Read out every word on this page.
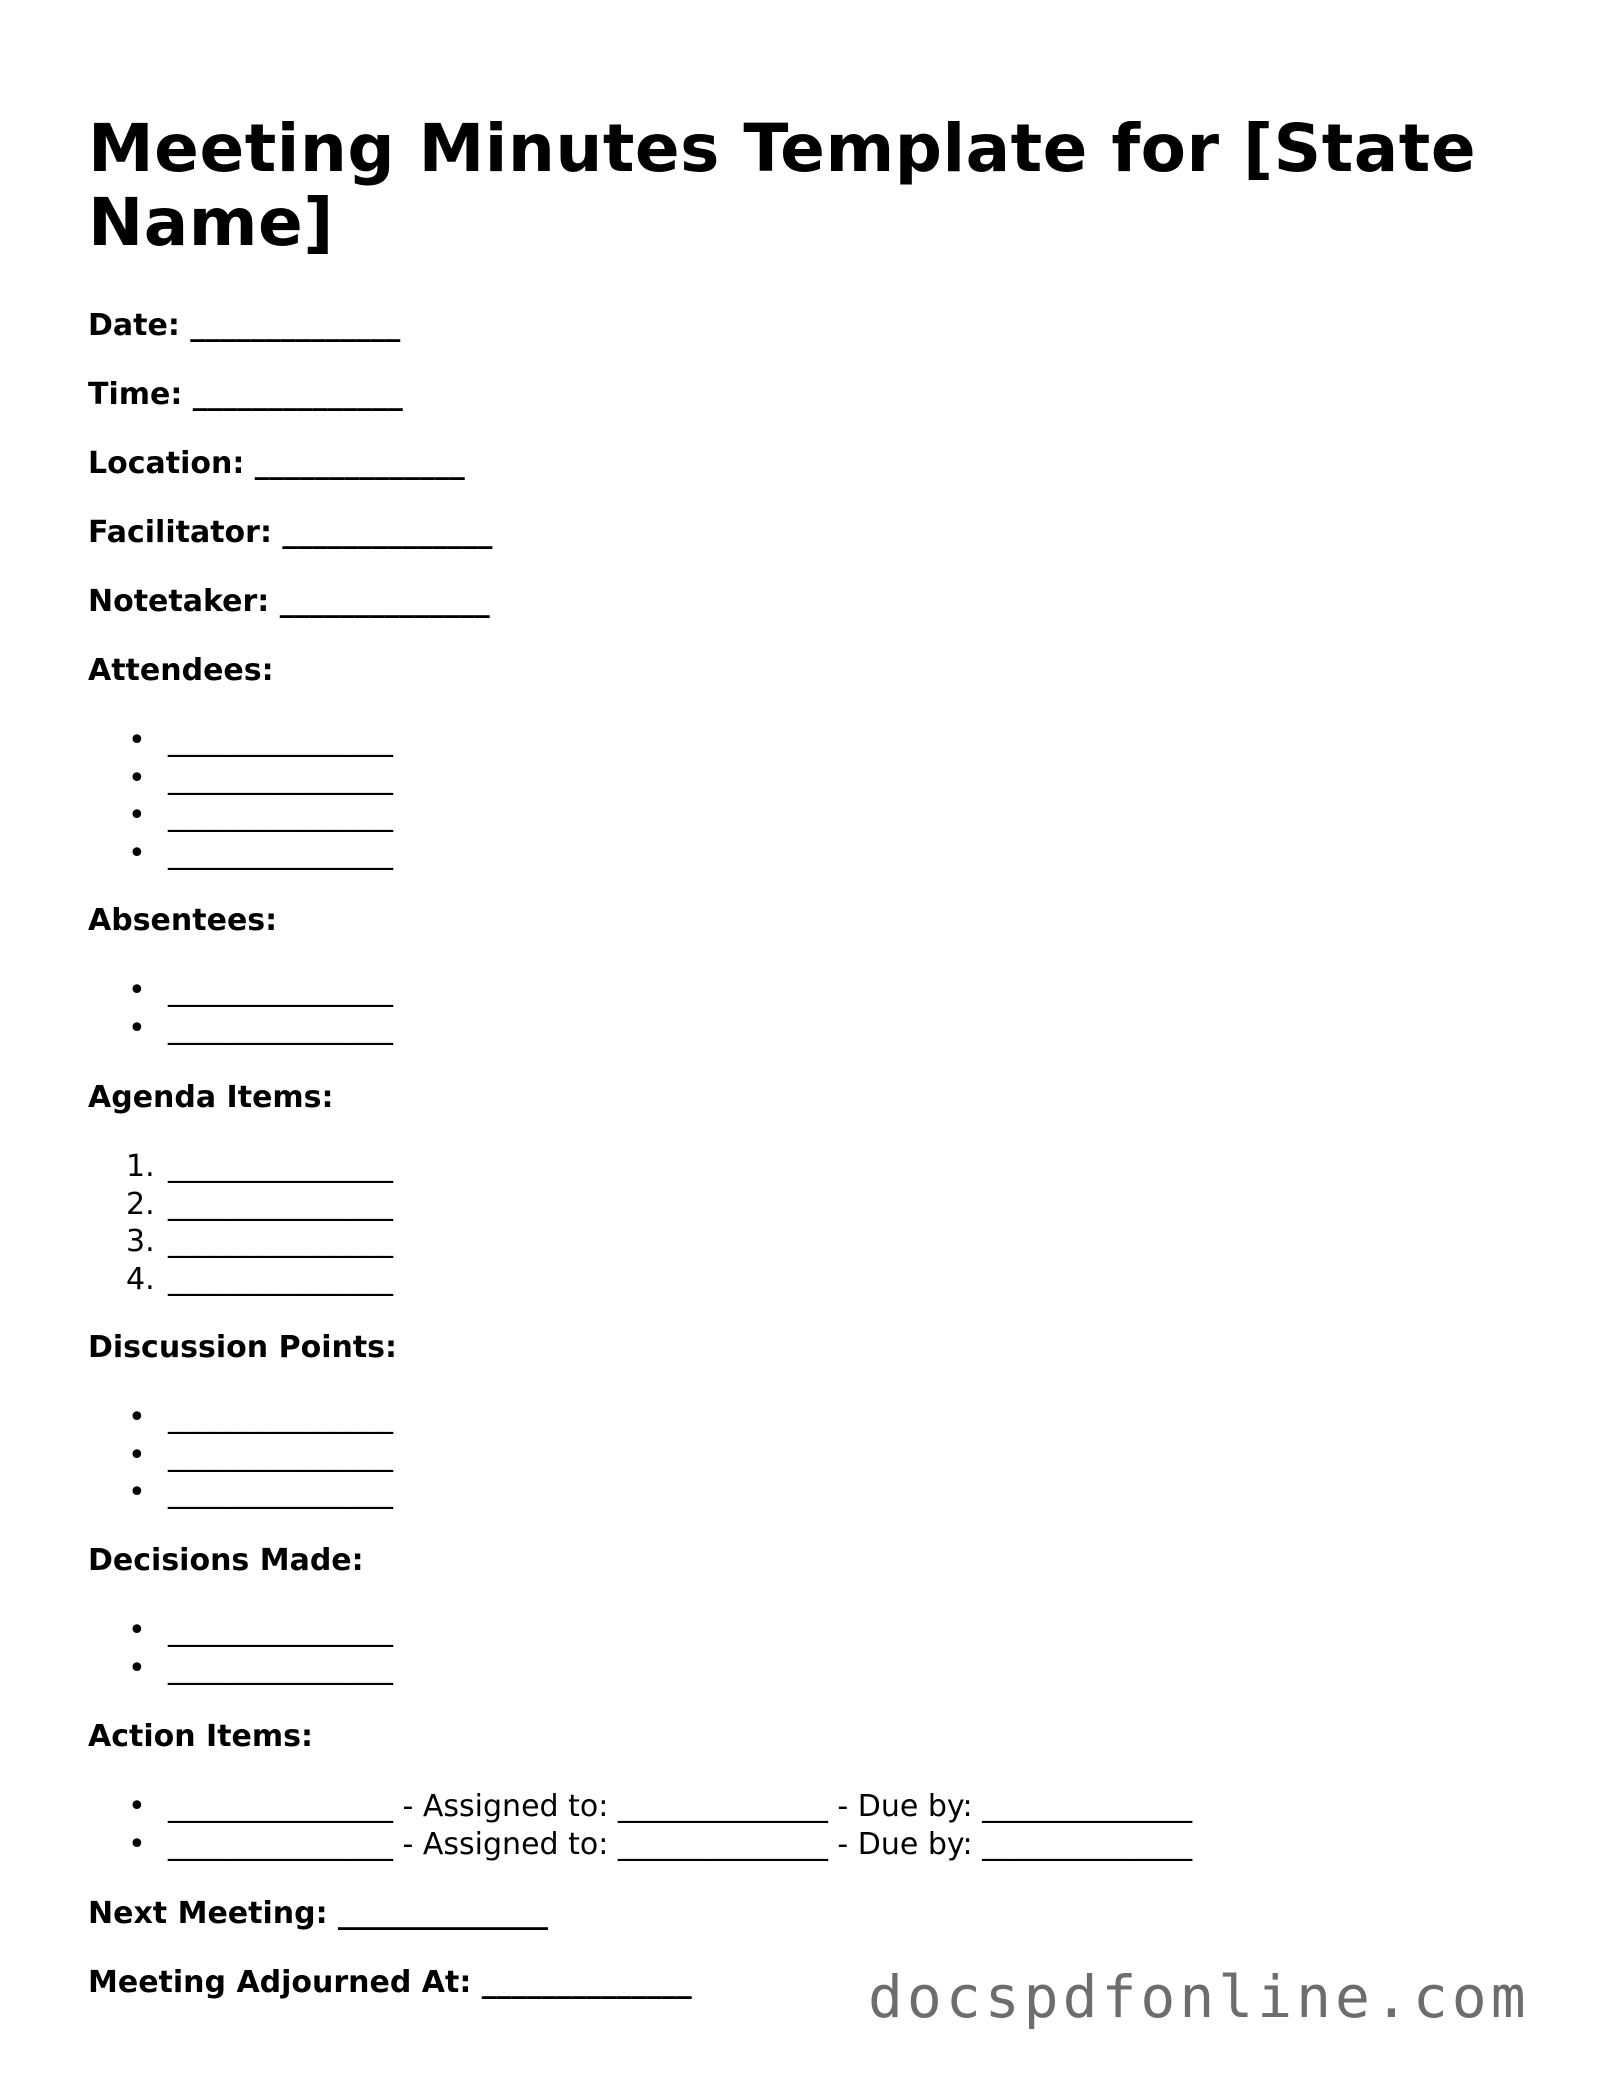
Meeting Minutes Template for [State Name]

Date: ______________

Time: ______________

Location: ______________

Facilitator: ______________

Notetaker: ______________

Attendees:
• _______________
• _______________
• _______________
• _______________
Absentees:
• _______________
• _______________
Agenda Items:
1. _______________
2. _______________
3. _______________
4. _______________
Discussion Points:
• _______________
• _______________
• _______________
Decisions Made:
• _______________
• _______________
Action Items:
• _______________ - Assigned to: ______________ - Due by: ______________
• _______________ - Assigned to: ______________ - Due by: ______________

Next Meeting: ______________

Meeting Adjourned At: ______________	docspdfonline.com
